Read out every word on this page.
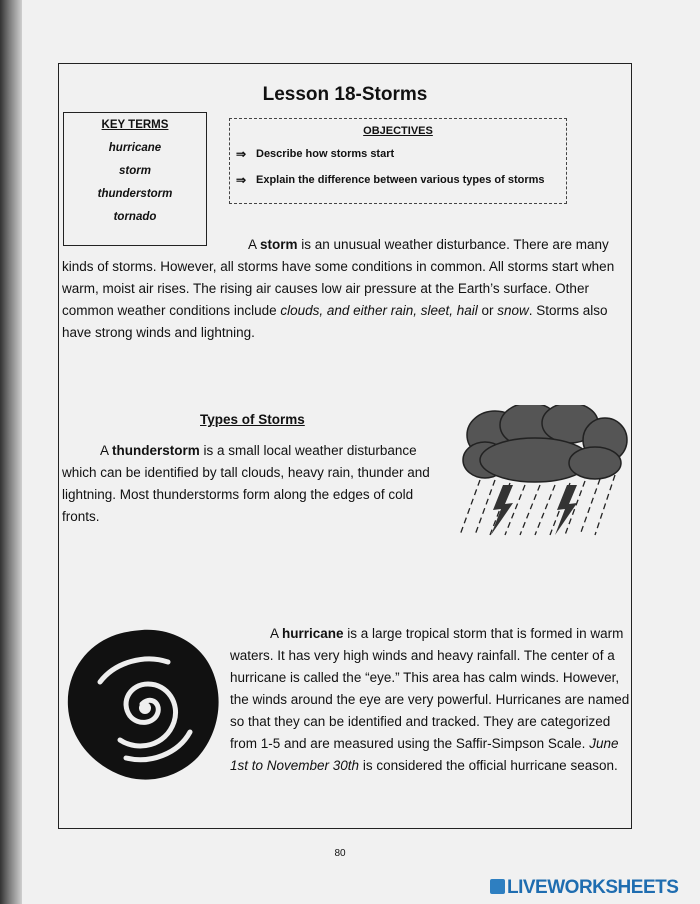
Lesson 18-Storms
KEY TERMS
hurricane
storm
thunderstorm
tornado
OBJECTIVES
⇒ Describe how storms start
⇒ Explain the difference between various types of storms
A storm is an unusual weather disturbance. There are many kinds of storms. However, all storms have some conditions in common. All storms start when warm, moist air rises. The rising air causes low air pressure at the Earth’s surface. Other common weather conditions include clouds, and either rain, sleet, hail or snow. Storms also have strong winds and lightning.
Types of Storms
A thunderstorm is a small local weather disturbance which can be identified by tall clouds, heavy rain, thunder and lightning. Most thunderstorms form along the edges of cold fronts.
A hurricane is a large tropical storm that is formed in warm waters. It has very high winds and heavy rainfall. The center of a hurricane is called the “eye.” This area has calm winds. However, the winds around the eye are very powerful. Hurricanes are named so that they can be identified and tracked. They are categorized from 1-5 and are measured using the Saffir-Simpson Scale. June 1st to November 30th is considered the official hurricane season.
80
LIVEWORKSHEETS
